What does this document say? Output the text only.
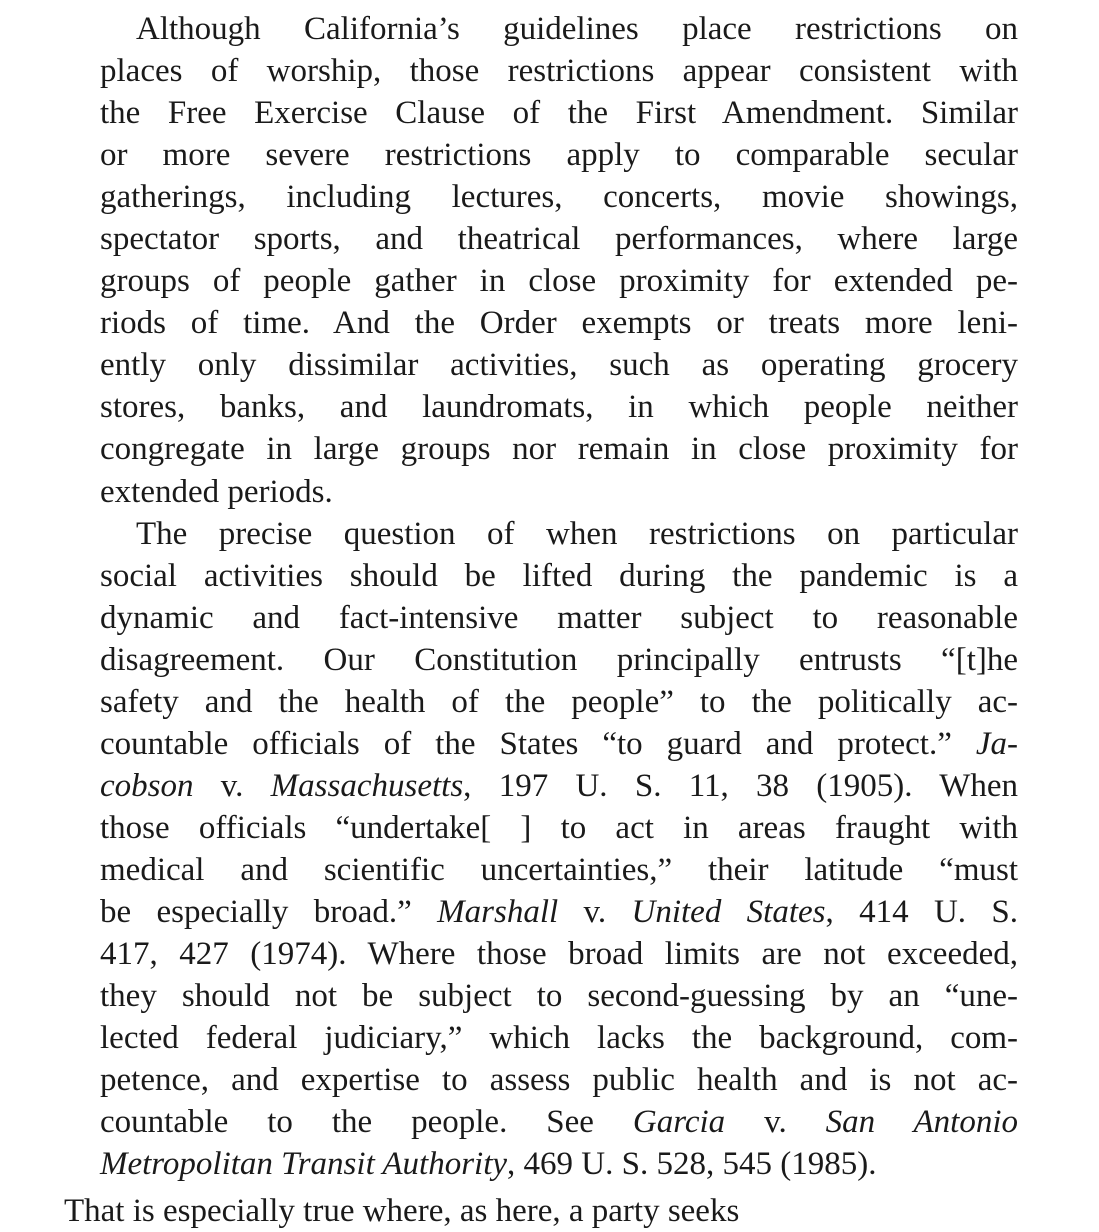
Although California’s guidelines place restrictions on
places of worship, those restrictions appear consistent with
the Free Exercise Clause of the First Amendment. Similar
or more severe restrictions apply to comparable secular
gatherings, including lectures, concerts, movie showings,
spectator sports, and theatrical performances, where large
groups of people gather in close proximity for extended pe-
riods of time. And the Order exempts or treats more leni-
ently only dissimilar activities, such as operating grocery
stores, banks, and laundromats, in which people neither
congregate in large groups nor remain in close proximity for
extended periods.
The precise question of when restrictions on particular
social activities should be lifted during the pandemic is a
dynamic and fact-intensive matter subject to reasonable
disagreement. Our Constitution principally entrusts “[t]he
safety and the health of the people” to the politically ac-
countable officials of the States “to guard and protect.” Ja-
cobson v. Massachusetts, 197 U. S. 11, 38 (1905). When
those officials “undertake[ ] to act in areas fraught with
medical and scientific uncertainties,” their latitude “must
be especially broad.” Marshall v. United States, 414 U. S.
417, 427 (1974). Where those broad limits are not exceeded,
they should not be subject to second-guessing by an “une-
lected federal judiciary,” which lacks the background, com-
petence, and expertise to assess public health and is not ac-
countable to the people. See Garcia v. San Antonio
Metropolitan Transit Authority, 469 U. S. 528, 545 (1985).
That is especially true where, as here, a party seeks
